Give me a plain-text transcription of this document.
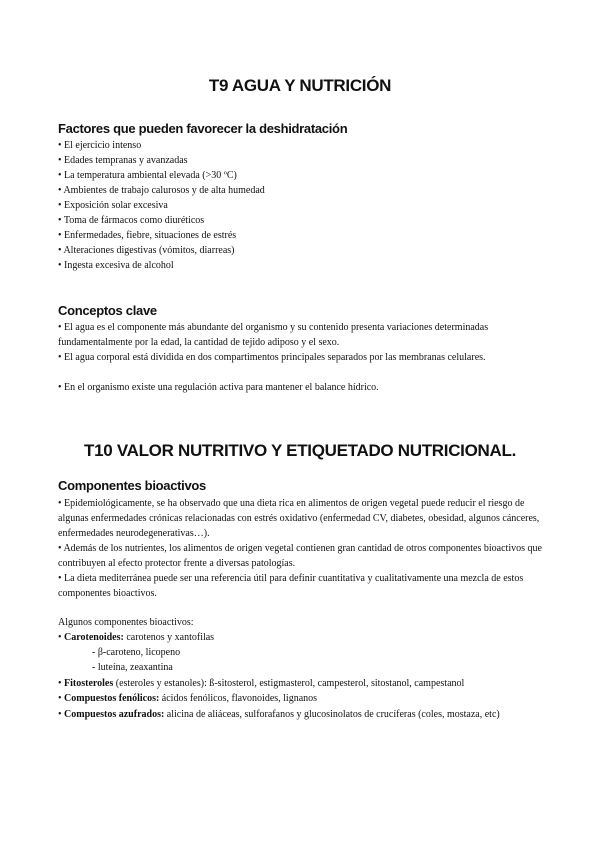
T9 AGUA Y NUTRICIÓN
Factores que pueden favorecer la deshidratación
• El ejercicio intenso
• Edades tempranas y avanzadas
• La temperatura ambiental elevada (>30 ºC)
• Ambientes de trabajo calurosos y de alta humedad
• Exposición solar excesiva
• Toma de fármacos como diuréticos
• Enfermedades, fiebre, situaciones de estrés
• Alteraciones digestivas (vómitos, diarreas)
• Ingesta excesiva de alcohol
Conceptos clave
• El agua es el componente más abundante del organismo y su contenido presenta variaciones determinadas fundamentalmente por la edad, la cantidad de tejido adiposo y el sexo.
• El agua corporal está dividida en dos compartimentos principales separados por las membranas celulares.
• En el organismo existe una regulación activa para mantener el balance hídrico.
T10 VALOR NUTRITIVO Y ETIQUETADO NUTRICIONAL.
Componentes bioactivos
• Epidemiológicamente, se ha observado que una dieta rica en alimentos de origen vegetal puede reducir el riesgo de algunas enfermedades crónicas relacionadas con estrés oxidativo (enfermedad CV, diabetes, obesidad, algunos cánceres, enfermedades neurodegenerativas…).
• Además de los nutrientes, los alimentos de origen vegetal contienen gran cantidad de otros componentes bioactivos que contribuyen al efecto protector frente a diversas patologías.
• La dieta mediterránea puede ser una referencia útil para definir cuantitativa y cualitativamente una mezcla de estos componentes bioactivos.
Algunos componentes bioactivos:
• Carotenoides: carotenos y xantofilas
- β-caroteno, licopeno
- luteína, zeaxantina
• Fitosteroles (esteroles y estanoles): ß-sitosterol, estigmasterol, campesterol, sitostanol, campestanol
• Compuestos fenólicos: ácidos fenólicos, flavonoides, lignanos
• Compuestos azufrados: alicina de aliáceas, sulforafanos y glucosinolatos de crucíferas (coles, mostaza, etc)
